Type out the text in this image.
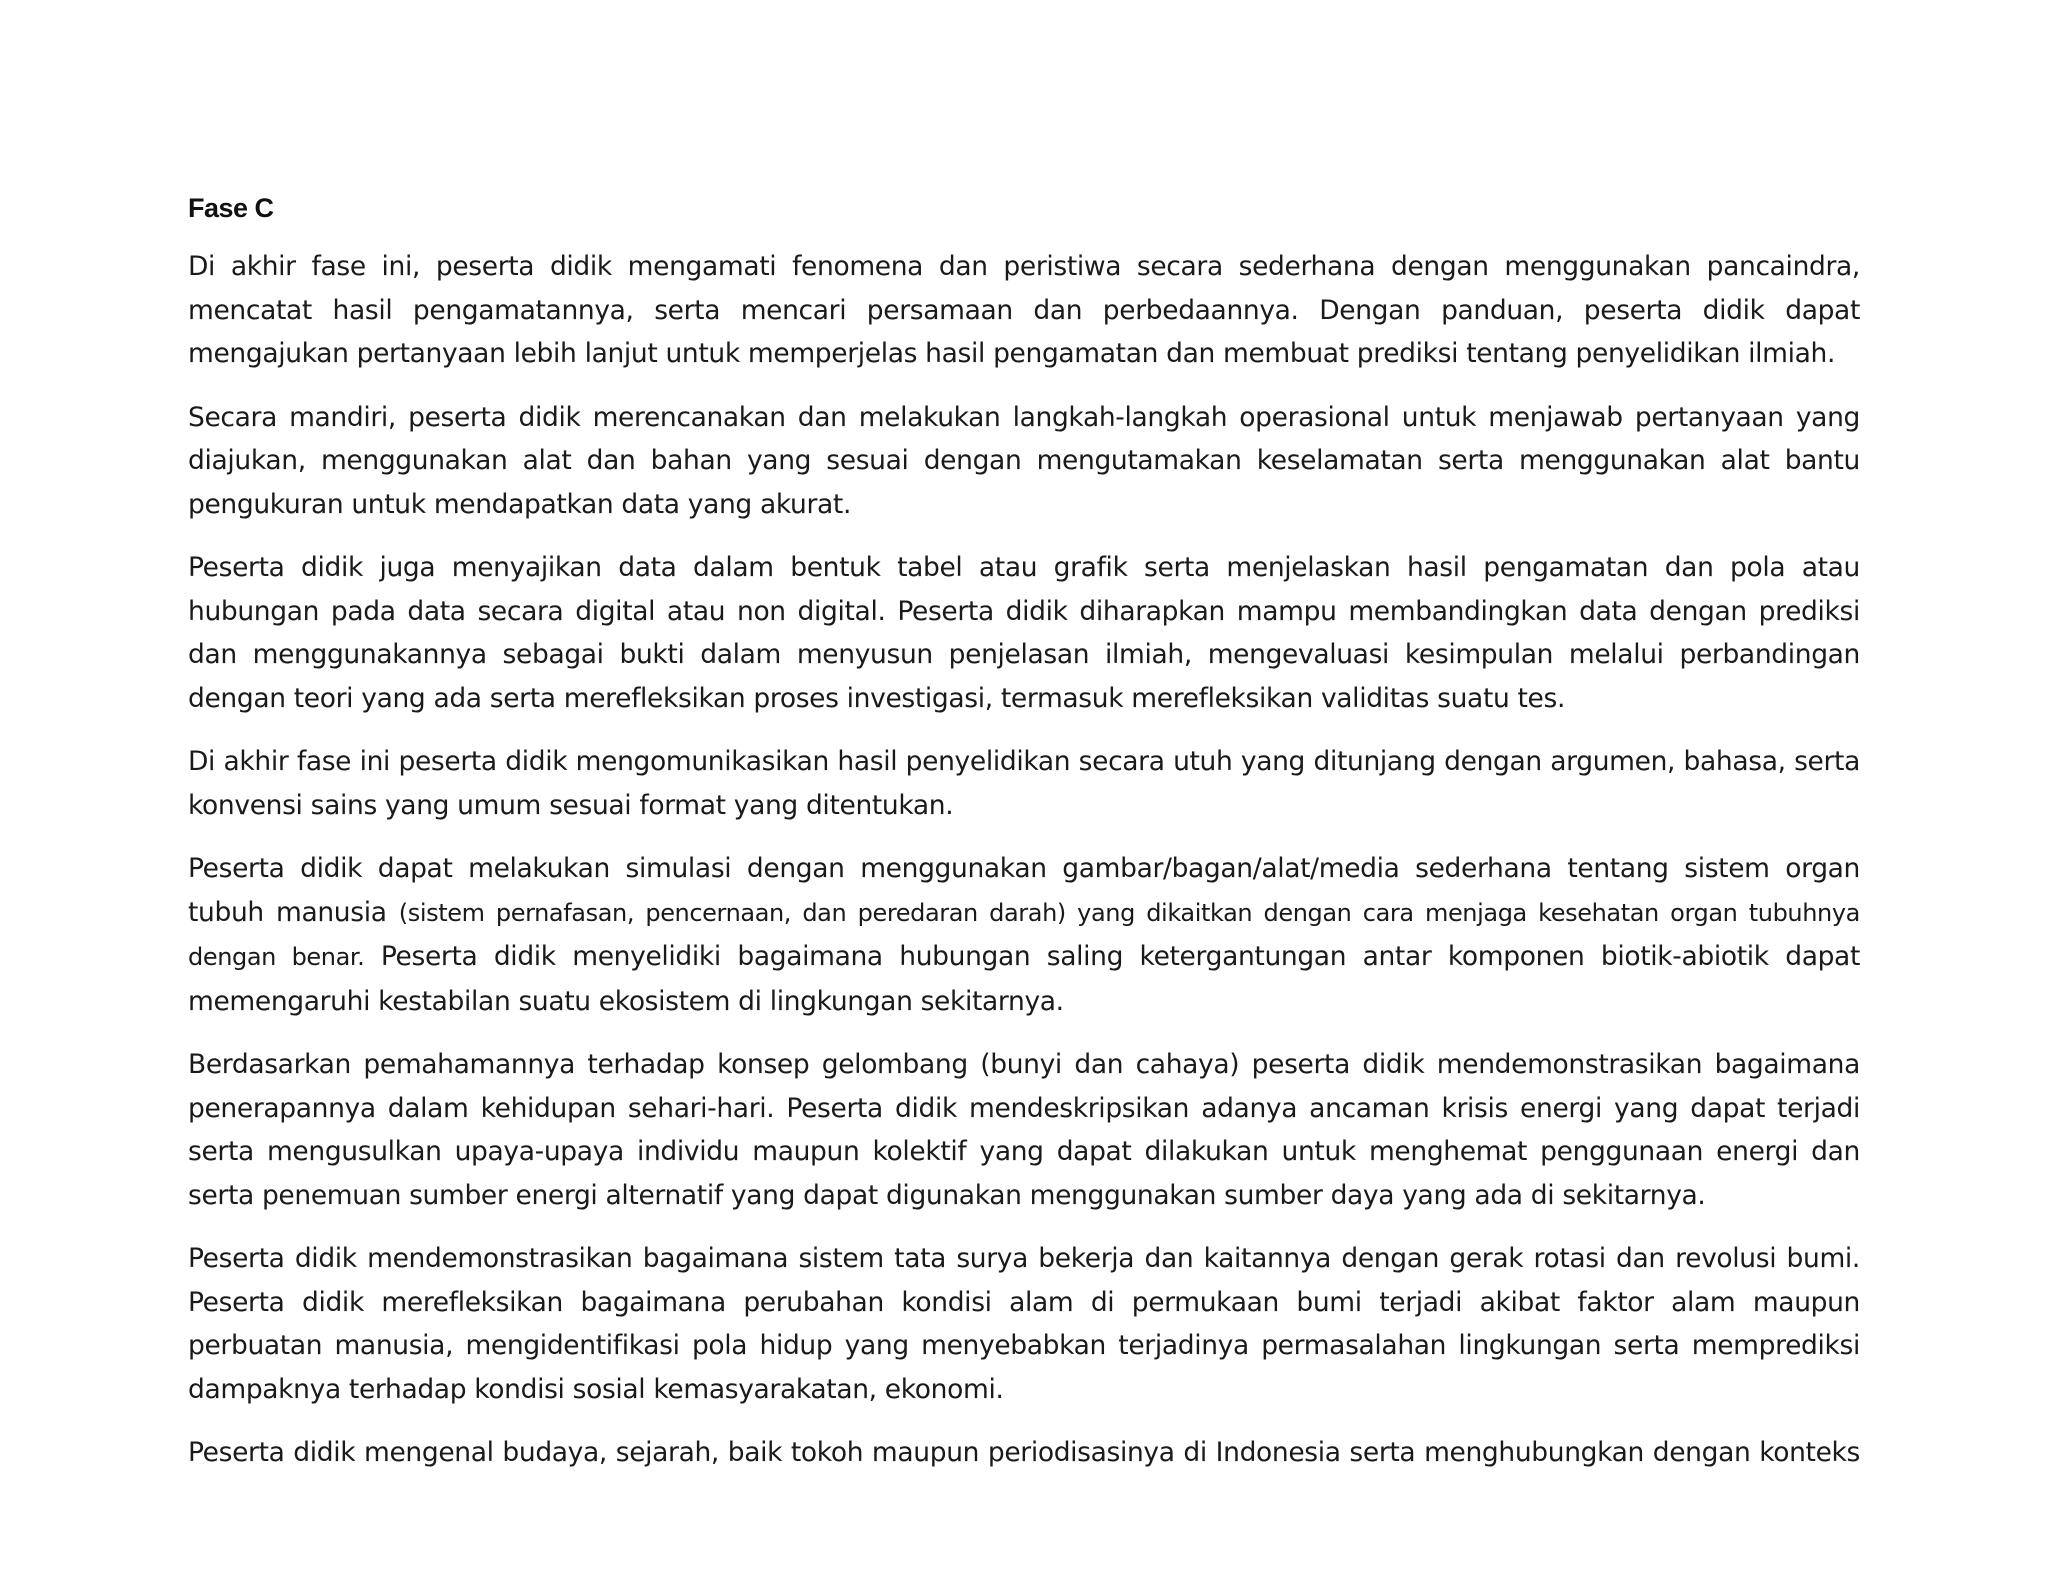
Fase C

Di akhir fase ini, peserta didik mengamati fenomena dan peristiwa secara sederhana dengan menggunakan pancaindra, mencatat hasil pengamatannya, serta mencari persamaan dan perbedaannya. Dengan panduan, peserta didik dapat mengajukan pertanyaan lebih lanjut untuk memperjelas hasil pengamatan dan membuat prediksi tentang penyelidikan ilmiah.

Secara mandiri, peserta didik merencanakan dan melakukan langkah-langkah operasional untuk menjawab pertanyaan yang diajukan, menggunakan alat dan bahan yang sesuai dengan mengutamakan keselamatan serta menggunakan alat bantu pengukuran untuk mendapatkan data yang akurat.

Peserta didik juga menyajikan data dalam bentuk tabel atau grafik serta menjelaskan hasil pengamatan dan pola atau hubungan pada data secara digital atau non digital. Peserta didik diharapkan mampu membandingkan data dengan prediksi dan menggunakannya sebagai bukti dalam menyusun penjelasan ilmiah, mengevaluasi kesimpulan melalui perbandingan dengan teori yang ada serta merefleksikan proses investigasi, termasuk merefleksikan validitas suatu tes.

Di akhir fase ini peserta didik mengomunikasikan hasil penyelidikan secara utuh yang ditunjang dengan argumen, bahasa, serta konvensi sains yang umum sesuai format yang ditentukan.

Peserta didik dapat melakukan simulasi dengan menggunakan gambar/bagan/alat/media sederhana tentang sistem organ tubuh manusia (sistem pernafasan, pencernaan, dan peredaran darah) yang dikaitkan dengan cara menjaga kesehatan organ tubuhnya dengan benar. Peserta didik menyelidiki bagaimana hubungan saling ketergantungan antar komponen biotik-abiotik dapat memengaruhi kestabilan suatu ekosistem di lingkungan sekitarnya.

Berdasarkan pemahamannya terhadap konsep gelombang (bunyi dan cahaya) peserta didik mendemonstrasikan bagaimana penerapannya dalam kehidupan sehari-hari. Peserta didik mendeskripsikan adanya ancaman krisis energi yang dapat terjadi serta mengusulkan upaya-upaya individu maupun kolektif yang dapat dilakukan untuk menghemat penggunaan energi dan serta penemuan sumber energi alternatif yang dapat digunakan menggunakan sumber daya yang ada di sekitarnya.

Peserta didik mendemonstrasikan bagaimana sistem tata surya bekerja dan kaitannya dengan gerak rotasi dan revolusi bumi. Peserta didik merefleksikan bagaimana perubahan kondisi alam di permukaan bumi terjadi akibat faktor alam maupun perbuatan manusia, mengidentifikasi pola hidup yang menyebabkan terjadinya permasalahan lingkungan serta memprediksi dampaknya terhadap kondisi sosial kemasyarakatan, ekonomi.

Peserta didik mengenal budaya, sejarah, baik tokoh maupun periodisasinya di Indonesia serta menghubungkan dengan konteks
